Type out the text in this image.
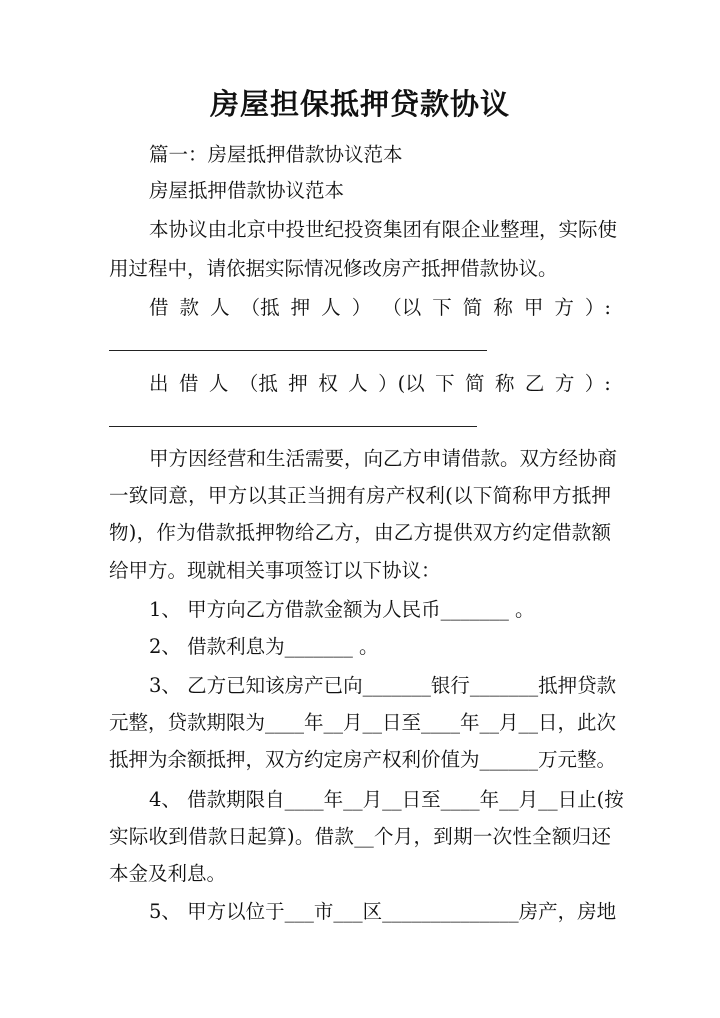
房屋担保抵押贷款协议
篇一：房屋抵押借款协议范本
房屋抵押借款协议范本
本协议由北京中投世纪投资集团有限企业整理，实际使
用过程中，请依据实际情况修改房产抵押借款协议。
借 款 人 （抵 押 人 ） （以 下 简 称 甲 方 ）:
出 借 人 （抵 押 权 人 ）(以 下 简 称 乙 方 ）:
甲方因经营和生活需要，向乙方申请借款。双方经协商
一致同意，甲方以其正当拥有房产权利(以下简称甲方抵押
物)，作为借款抵押物给乙方，由乙方提供双方约定借款额
给甲方。现就相关事项签订以下协议：
1、 甲方向乙方借款金额为人民币_______ 。
2、 借款利息为_______ 。
3、 乙方已知该房产已向_______银行_______抵押贷款
元整，贷款期限为____年__月__日至____年__月__日，此次
抵押为余额抵押，双方约定房产权利价值为______万元整。
4、 借款期限自____年__月__日至____年__月__日止(按
实际收到借款日起算)。借款__个月，到期一次性全额归还
本金及利息。
5、 甲方以位于___市___区______________房产，房地
